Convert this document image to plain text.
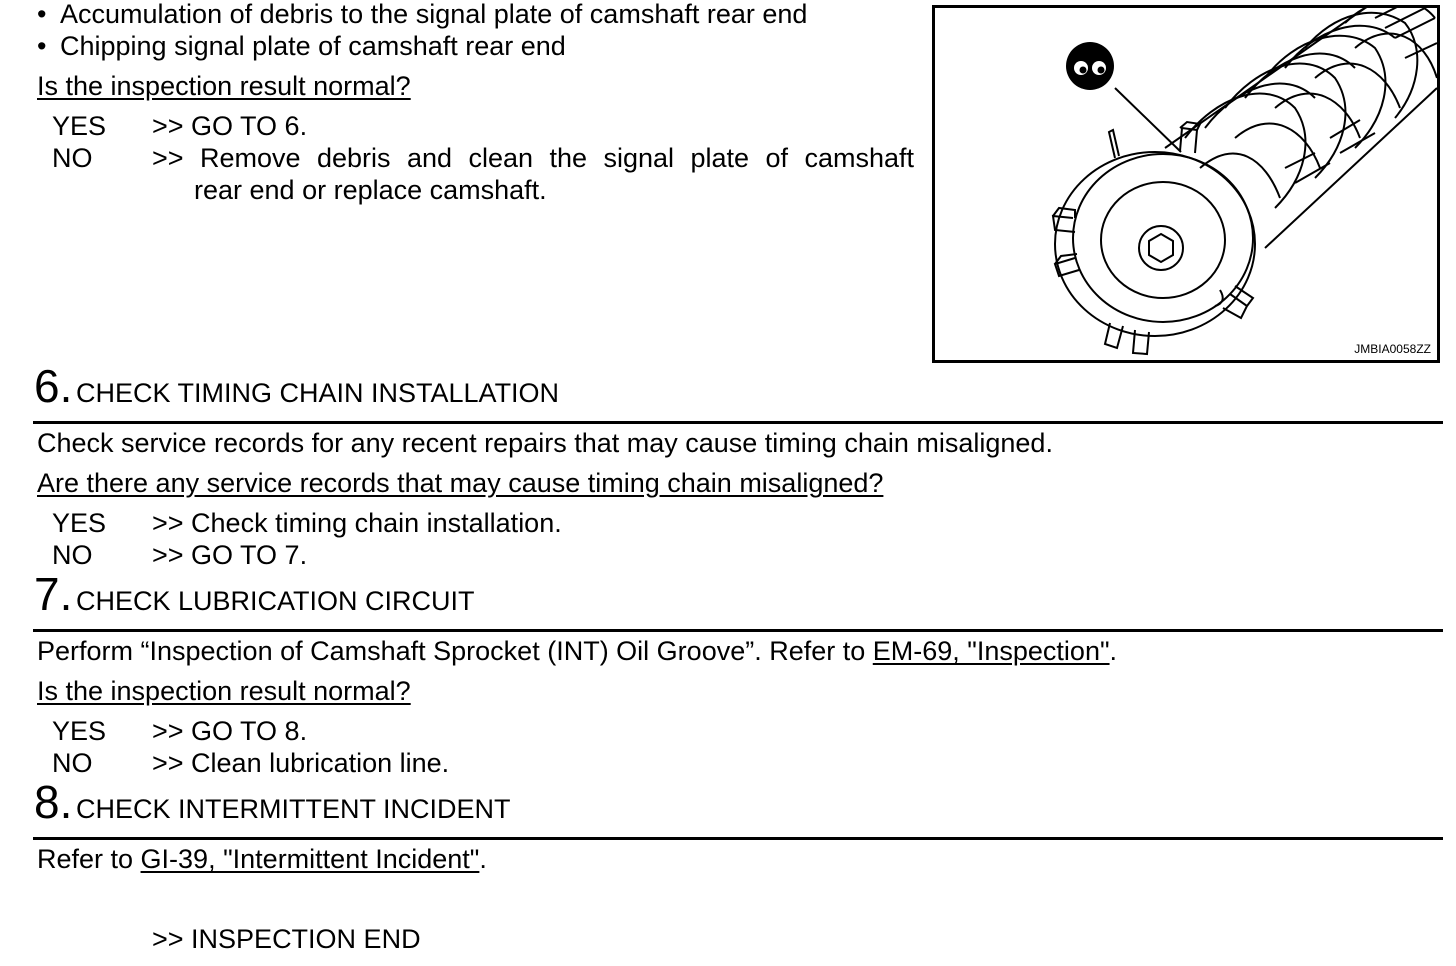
• Accumulation of debris to the signal plate of camshaft rear end
• Chipping signal plate of camshaft rear end
Is the inspection result normal?
YES >> GO TO 6.
NO >> Remove debris and clean the signal plate of camshaft
rear end or replace camshaft.
JMBIA0058ZZ
6. CHECK TIMING CHAIN INSTALLATION
Check service records for any recent repairs that may cause timing chain misaligned.
Are there any service records that may cause timing chain misaligned?
YES >> Check timing chain installation.
NO >> GO TO 7.
7. CHECK LUBRICATION CIRCUIT
Perform “Inspection of Camshaft Sprocket (INT) Oil Groove”. Refer to EM-69, "Inspection".
Is the inspection result normal?
YES >> GO TO 8.
NO >> Clean lubrication line.
8. CHECK INTERMITTENT INCIDENT
Refer to GI-39, "Intermittent Incident".
>> INSPECTION END
